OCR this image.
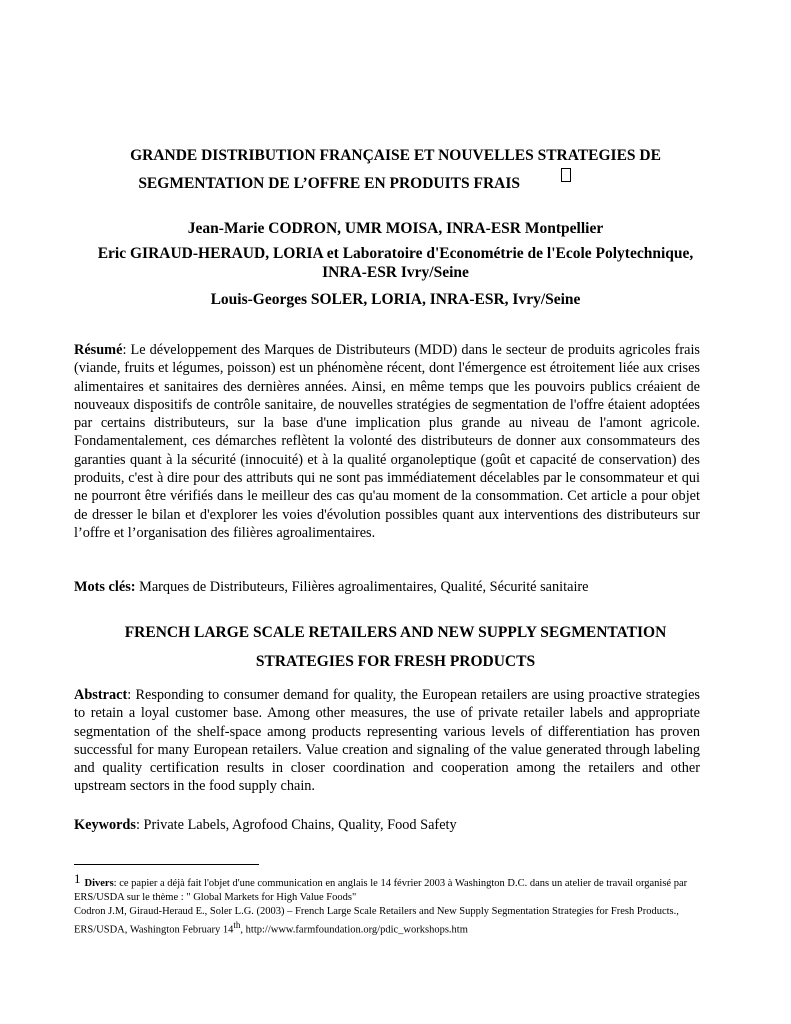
GRANDE DISTRIBUTION FRANÇAISE ET NOUVELLES STRATEGIES DE
SEGMENTATION DE L’OFFRE EN PRODUITS FRAIS
Jean-Marie CODRON, UMR MOISA, INRA-ESR Montpellier
Eric GIRAUD-HERAUD, LORIA et Laboratoire d'Econométrie de l'Ecole Polytechnique,
INRA-ESR Ivry/Seine
Louis-Georges SOLER, LORIA, INRA-ESR, Ivry/Seine
Résumé: Le développement des Marques de Distributeurs (MDD) dans le secteur de produits agricoles frais (viande, fruits et légumes, poisson) est un phénomène récent, dont l'émergence est étroitement liée aux crises alimentaires et sanitaires des dernières années. Ainsi, en même temps que les pouvoirs publics créaient de nouveaux dispositifs de contrôle sanitaire, de nouvelles stratégies de segmentation de l'offre étaient adoptées par certains distributeurs, sur la base d'une implication plus grande au niveau de l'amont agricole. Fondamentalement, ces démarches reflètent la volonté des distributeurs de donner aux consommateurs des garanties quant à la sécurité (innocuité) et à la qualité organoleptique (goût et capacité de conservation) des produits, c'est à dire pour des attributs qui ne sont pas immédiatement décelables par le consommateur et qui ne pourront être vérifiés dans le meilleur des cas qu'au moment de la consommation. Cet article a pour objet de dresser le bilan et d'explorer les voies d'évolution possibles quant aux interventions des distributeurs sur l’offre et l’organisation des filières agroalimentaires.
Mots clés: Marques de Distributeurs, Filières agroalimentaires, Qualité, Sécurité sanitaire
FRENCH LARGE SCALE RETAILERS AND NEW SUPPLY SEGMENTATION
STRATEGIES FOR FRESH PRODUCTS
Abstract: Responding to consumer demand for quality, the European retailers are using proactive strategies to retain a loyal customer base. Among other measures, the use of private retailer labels and appropriate segmentation of the shelf-space among products representing various levels of differentiation has proven successful for many European retailers. Value creation and signaling of the value generated through labeling and quality certification results in closer coordination and cooperation among the retailers and other upstream sectors in the food supply chain.
Keywords: Private Labels, Agrofood Chains, Quality, Food Safety
1 Divers: ce papier a déjà fait l'objet d'une communication en anglais le 14 février 2003 à Washington D.C. dans un atelier de travail organisé par ERS/USDA sur le thème : " Global Markets for High Value Foods"
Codron J.M, Giraud-Heraud E., Soler L.G. (2003) – French Large Scale Retailers and New Supply Segmentation Strategies for Fresh Products., ERS/USDA, Washington February 14th, http://www.farmfoundation.org/pdic_workshops.htm
